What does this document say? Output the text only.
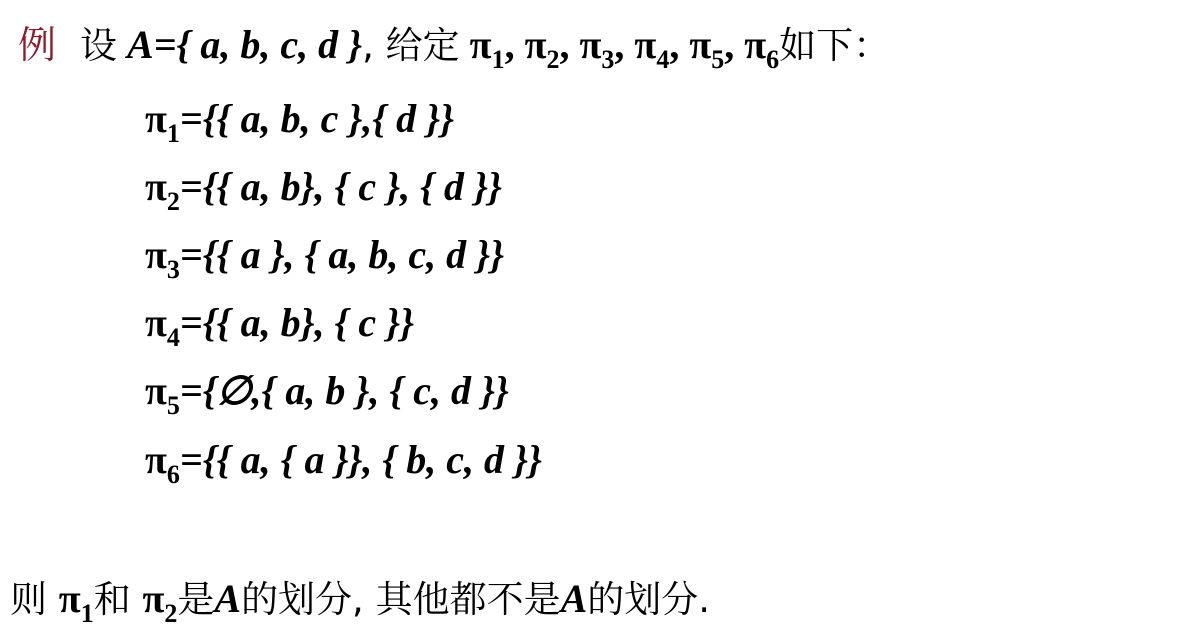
例 设 A={ a, b, c, d }, 给定 $\pi_1$, $\pi_2$, $\pi_3$, $\pi_4$, $\pi_5$, $\pi_6$如下：
$\pi_1=${{ a, b, c },{ d }}
$\pi_2=${{ a, b}, { c }, { d }}
$\pi_3=${{ a }, { a, b, c, d }}
$\pi_4=${{ a, b}, { c }}
$\pi_5=\{\emptyset$,{ a, b }, { c, d }}
$\pi_6=${{ a, { a }}, { b, c, d }}
则 $\pi_1$和 $\pi_2$是A的划分, 其他都不是A的划分.
